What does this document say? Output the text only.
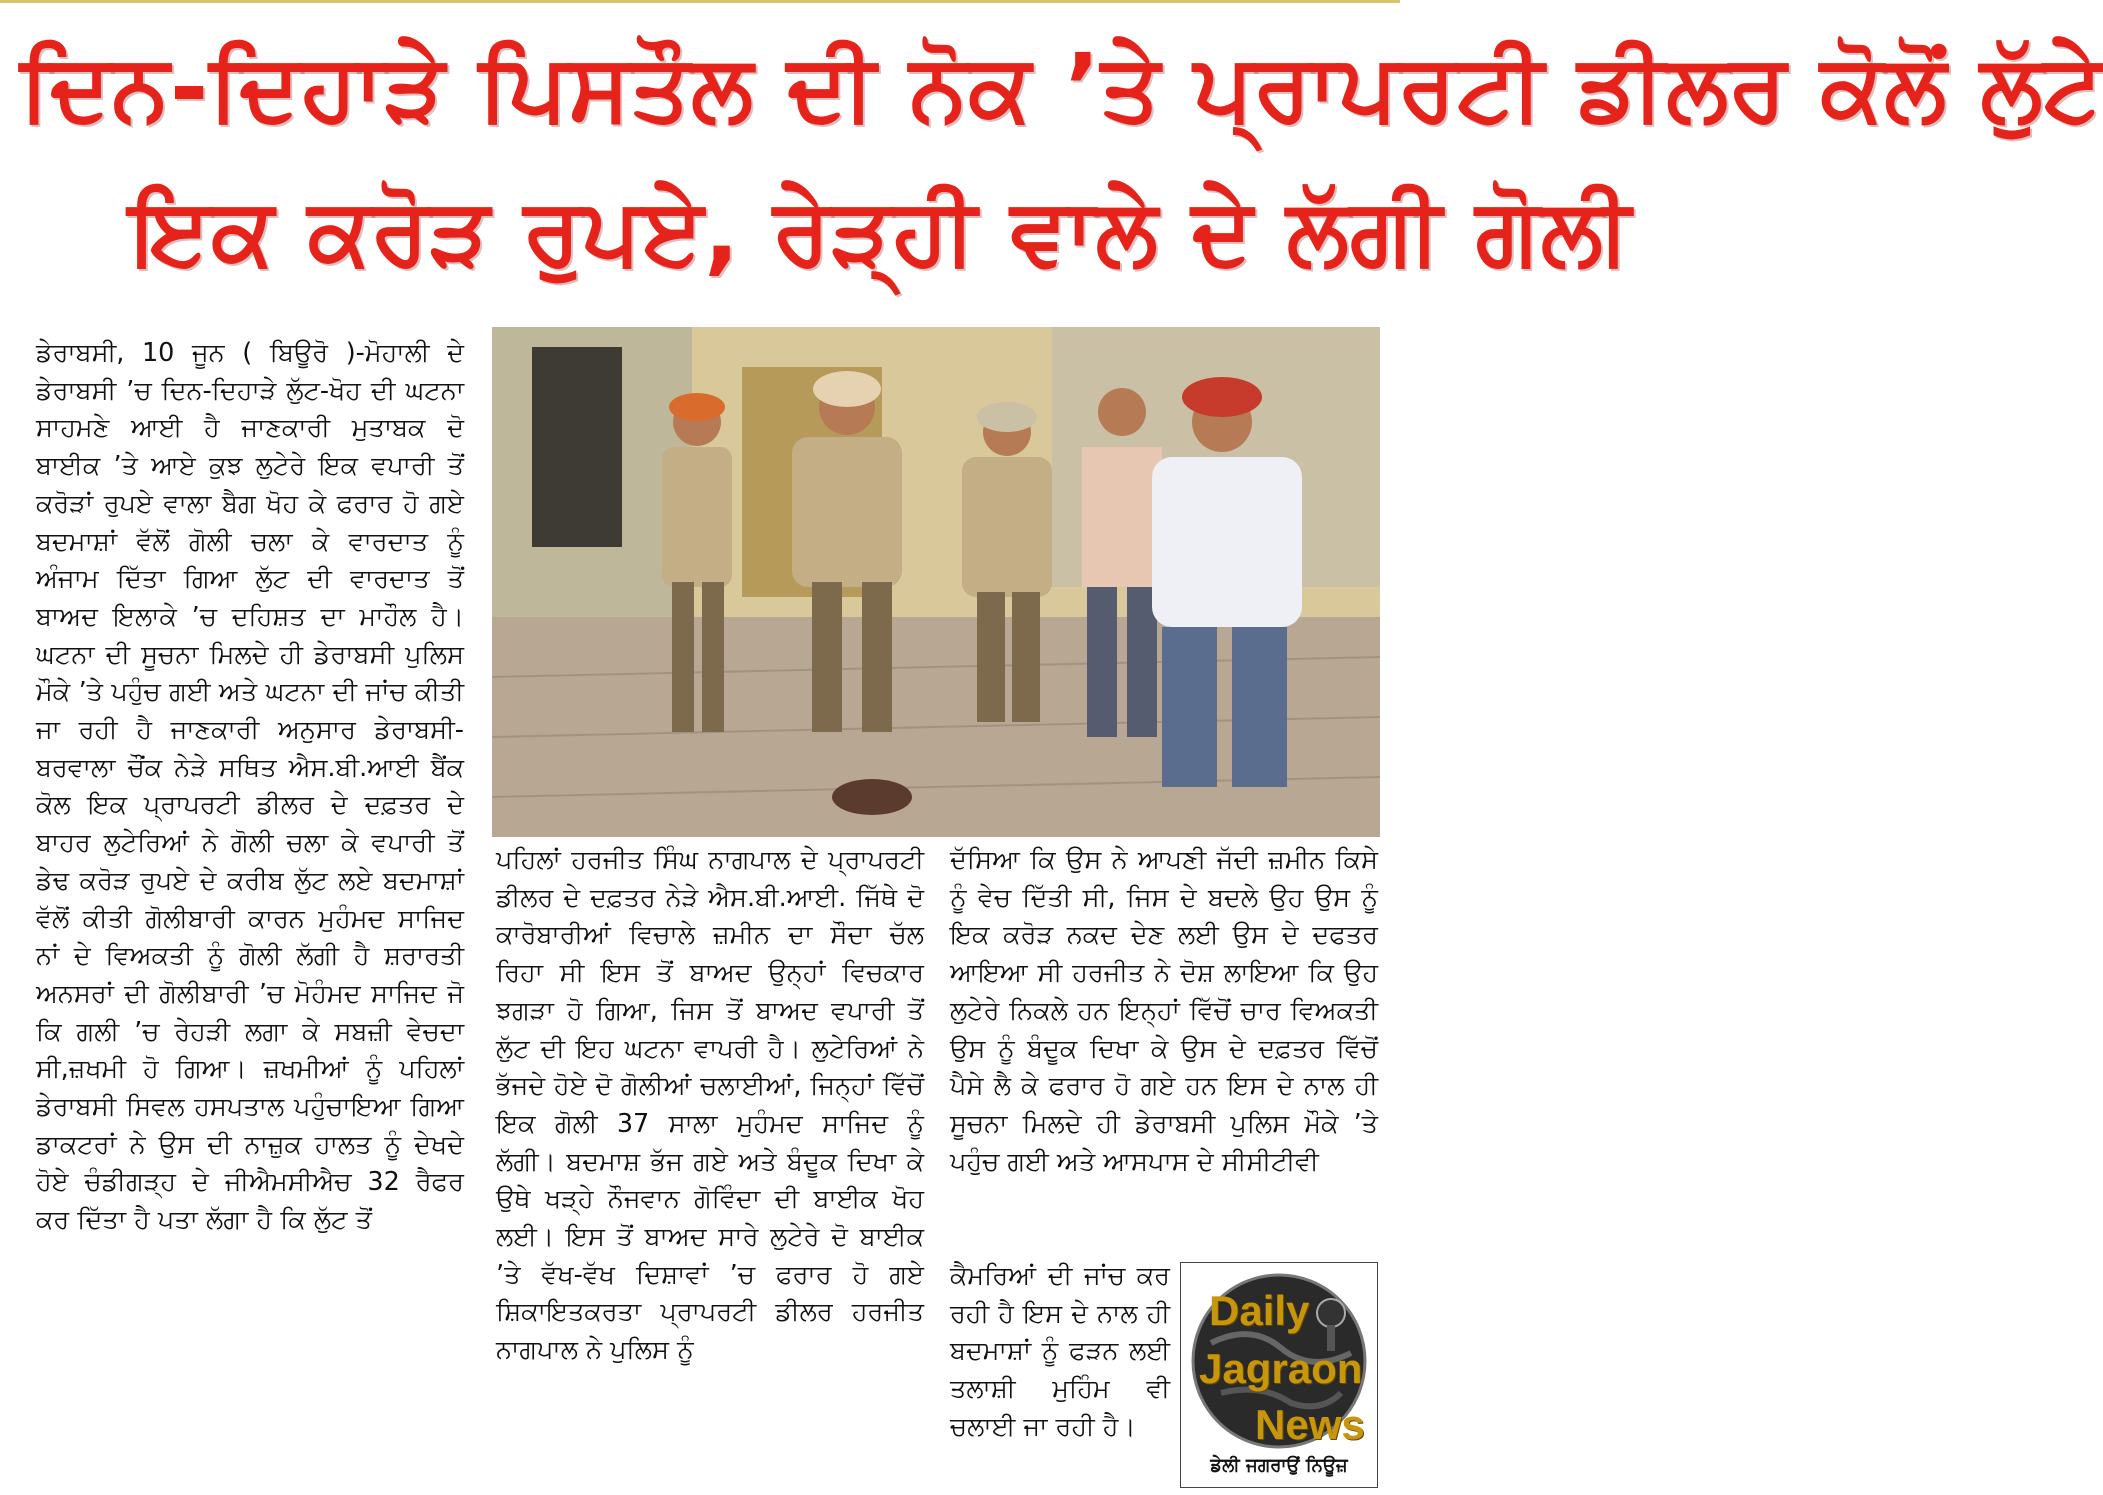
ਦਿਨ-ਦਿਹਾੜੇ ਪਿਸਤੌਲ ਦੀ ਨੋਕ ’ਤੇ ਪ੍ਰਾਪਰਟੀ ਡੀਲਰ ਕੋਲੋਂ ਲੁੱਟੇ
ਇਕ ਕਰੋੜ ਰੁਪਏ, ਰੇੜ੍ਹੀ ਵਾਲੇ ਦੇ ਲੱਗੀ ਗੋਲੀ

ਡੇਰਾਬਸੀ, 10 ਜੂਨ ( ਬਿਊਰੋ )-ਮੋਹਾਲੀ ਦੇ ਡੇਰਾਬਸੀ ’ਚ ਦਿਨ-ਦਿਹਾੜੇ ਲੁੱਟ-ਖੋਹ ਦੀ ਘਟਨਾ ਸਾਹਮਣੇ ਆਈ ਹੈ ਜਾਣਕਾਰੀ ਮੁਤਾਬਕ ਦੋ ਬਾਈਕ ’ਤੇ ਆਏ ਕੁਝ ਲੁਟੇਰੇ ਇਕ ਵਪਾਰੀ ਤੋਂ ਕਰੋੜਾਂ ਰੁਪਏ ਵਾਲਾ ਬੈਗ ਖੋਹ ਕੇ ਫਰਾਰ ਹੋ ਗਏ ਬਦਮਾਸ਼ਾਂ ਵੱਲੋਂ ਗੋਲੀ ਚਲਾ ਕੇ ਵਾਰਦਾਤ ਨੂੰ ਅੰਜਾਮ ਦਿੱਤਾ ਗਿਆ ਲੁੱਟ ਦੀ ਵਾਰਦਾਤ ਤੋਂ ਬਾਅਦ ਇਲਾਕੇ ’ਚ ਦਹਿਸ਼ਤ ਦਾ ਮਾਹੌਲ ਹੈ। ਘਟਨਾ ਦੀ ਸੂਚਨਾ ਮਿਲਦੇ ਹੀ ਡੇਰਾਬਸੀ ਪੁਲਿਸ ਮੌਕੇ ’ਤੇ ਪਹੁੰਚ ਗਈ ਅਤੇ ਘਟਨਾ ਦੀ ਜਾਂਚ ਕੀਤੀ ਜਾ ਰਹੀ ਹੈ ਜਾਣਕਾਰੀ ਅਨੁਸਾਰ ਡੇਰਾਬਸੀ-ਬਰਵਾਲਾ ਚੌਂਕ ਨੇੜੇ ਸਥਿਤ ਐਸ.ਬੀ.ਆਈ ਬੈਂਕ ਕੋਲ ਇਕ ਪ੍ਰਾਪਰਟੀ ਡੀਲਰ ਦੇ ਦਫ਼ਤਰ ਦੇ ਬਾਹਰ ਲੁਟੇਰਿਆਂ ਨੇ ਗੋਲੀ ਚਲਾ ਕੇ ਵਪਾਰੀ ਤੋਂ ਡੇਢ ਕਰੋੜ ਰੁਪਏ ਦੇ ਕਰੀਬ ਲੁੱਟ ਲਏ ਬਦਮਾਸ਼ਾਂ ਵੱਲੋਂ ਕੀਤੀ ਗੋਲੀਬਾਰੀ ਕਾਰਨ ਮੁਹੰਮਦ ਸਾਜਿਦ ਨਾਂ ਦੇ ਵਿਅਕਤੀ ਨੂੰ ਗੋਲੀ ਲੱਗੀ ਹੈ ਸ਼ਰਾਰਤੀ ਅਨਸਰਾਂ ਦੀ ਗੋਲੀਬਾਰੀ ’ਚ ਮੋਹੰਮਦ ਸਾਜਿਦ ਜੋ ਕਿ ਗਲੀ ’ਚ ਰੇਹੜੀ ਲਗਾ ਕੇ ਸਬਜ਼ੀ ਵੇਚਦਾ ਸੀ,ਜ਼ਖਮੀ ਹੋ ਗਿਆ। ਜ਼ਖਮੀਆਂ ਨੂੰ ਪਹਿਲਾਂ ਡੇਰਾਬਸੀ ਸਿਵਲ ਹਸਪਤਾਲ ਪਹੁੰਚਾਇਆ ਗਿਆ ਡਾਕਟਰਾਂ ਨੇ ਉਸ ਦੀ ਨਾਜ਼ੁਕ ਹਾਲਤ ਨੂੰ ਦੇਖਦੇ ਹੋਏ ਚੰਡੀਗੜ੍ਹ ਦੇ ਜੀਐਮਸੀਐਚ 32 ਰੈਫਰ ਕਰ ਦਿੱਤਾ ਹੈ ਪਤਾ ਲੱਗਾ ਹੈ ਕਿ ਲੁੱਟ ਤੋਂ

ਪਹਿਲਾਂ ਹਰਜੀਤ ਸਿੰਘ ਨਾਗਪਾਲ ਦੇ ਪ੍ਰਾਪਰਟੀ ਡੀਲਰ ਦੇ ਦਫ਼ਤਰ ਨੇੜੇ ਐਸ.ਬੀ.ਆਈ. ਜਿੱਥੇ ਦੋ ਕਾਰੋਬਾਰੀਆਂ ਵਿਚਾਲੇ ਜ਼ਮੀਨ ਦਾ ਸੌਦਾ ਚੱਲ ਰਿਹਾ ਸੀ ਇਸ ਤੋਂ ਬਾਅਦ ਉਨ੍ਹਾਂ ਵਿਚਕਾਰ ਝਗੜਾ ਹੋ ਗਿਆ, ਜਿਸ ਤੋਂ ਬਾਅਦ ਵਪਾਰੀ ਤੋਂ ਲੁੱਟ ਦੀ ਇਹ ਘਟਨਾ ਵਾਪਰੀ ਹੈ। ਲੁਟੇਰਿਆਂ ਨੇ ਭੱਜਦੇ ਹੋਏ ਦੋ ਗੋਲੀਆਂ ਚਲਾਈਆਂ, ਜਿਨ੍ਹਾਂ ਵਿੱਚੋਂ ਇਕ ਗੋਲੀ 37 ਸਾਲਾ ਮੁਹੰਮਦ ਸਾਜਿਦ ਨੂੰ ਲੱਗੀ। ਬਦਮਾਸ਼ ਭੱਜ ਗਏ ਅਤੇ ਬੰਦੂਕ ਦਿਖਾ ਕੇ ਉਥੇ ਖੜ੍ਹੇ ਨੌਜਵਾਨ ਗੋਵਿੰਦਾ ਦੀ ਬਾਈਕ ਖੋਹ ਲਈ। ਇਸ ਤੋਂ ਬਾਅਦ ਸਾਰੇ ਲੁਟੇਰੇ ਦੋ ਬਾਈਕ ’ਤੇ ਵੱਖ-ਵੱਖ ਦਿਸ਼ਾਵਾਂ ’ਚ ਫਰਾਰ ਹੋ ਗਏ ਸ਼ਿਕਾਇਤਕਰਤਾ ਪ੍ਰਾਪਰਟੀ ਡੀਲਰ ਹਰਜੀਤ ਨਾਗਪਾਲ ਨੇ ਪੁਲਿਸ ਨੂੰ

ਦੱਸਿਆ ਕਿ ਉਸ ਨੇ ਆਪਣੀ ਜੱਦੀ ਜ਼ਮੀਨ ਕਿਸੇ ਨੂੰ ਵੇਚ ਦਿੱਤੀ ਸੀ, ਜਿਸ ਦੇ ਬਦਲੇ ਉਹ ਉਸ ਨੂੰ ਇਕ ਕਰੋੜ ਨਕਦ ਦੇਣ ਲਈ ਉਸ ਦੇ ਦਫਤਰ ਆਇਆ ਸੀ ਹਰਜੀਤ ਨੇ ਦੋਸ਼ ਲਾਇਆ ਕਿ ਉਹ ਲੁਟੇਰੇ ਨਿਕਲੇ ਹਨ ਇਨ੍ਹਾਂ ਵਿੱਚੋਂ ਚਾਰ ਵਿਅਕਤੀ ਉਸ ਨੂੰ ਬੰਦੂਕ ਦਿਖਾ ਕੇ ਉਸ ਦੇ ਦਫ਼ਤਰ ਵਿੱਚੋਂ ਪੈਸੇ ਲੈ ਕੇ ਫਰਾਰ ਹੋ ਗਏ ਹਨ ਇਸ ਦੇ ਨਾਲ ਹੀ ਸੂਚਨਾ ਮਿਲਦੇ ਹੀ ਡੇਰਾਬਸੀ ਪੁਲਿਸ ਮੌਕੇ ’ਤੇ ਪਹੁੰਚ ਗਈ ਅਤੇ ਆਸਪਾਸ ਦੇ ਸੀਸੀਟੀਵੀ

ਕੈਮਰਿਆਂ ਦੀ ਜਾਂਚ ਕਰ ਰਹੀ ਹੈ ਇਸ ਦੇ ਨਾਲ ਹੀ ਬਦਮਾਸ਼ਾਂ ਨੂੰ ਫੜਨ ਲਈ ਤਲਾਸ਼ੀ ਮੁਹਿੰਮ ਵੀ ਚਲਾਈ ਜਾ ਰਹੀ ਹੈ।

Daily
Jagraon
News
ਡੇਲੀ ਜਗਰਾਉਂ ਨਿਊਜ਼
